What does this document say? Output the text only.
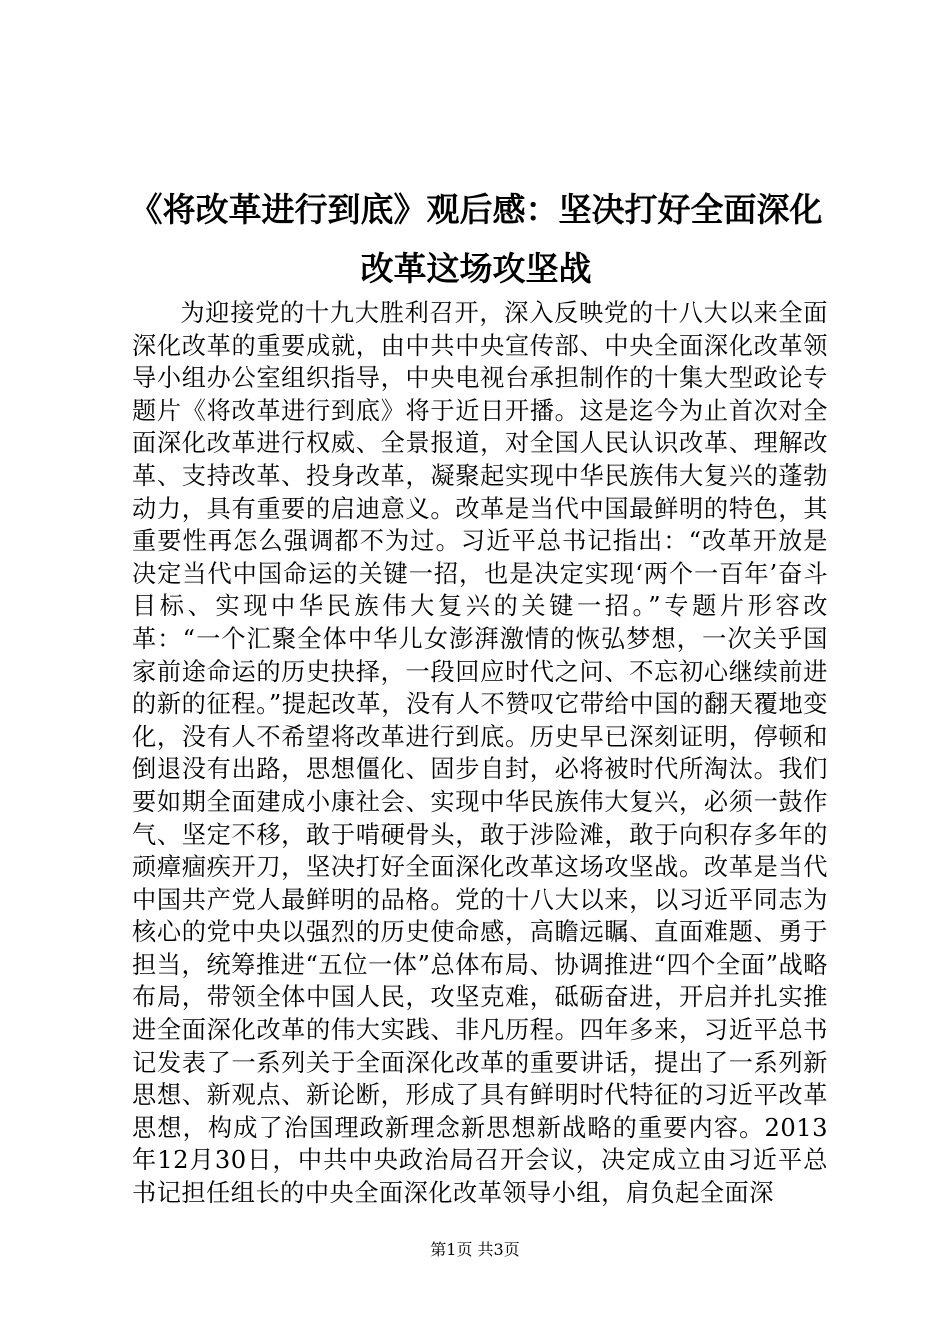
《将改革进行到底》观后感：坚决打好全面深化改革这场攻坚战

为迎接党的十九大胜利召开，深入反映党的十八大以来全面深化改革的重要成就，由中共中央宣传部、中央全面深化改革领导小组办公室组织指导，中央电视台承担制作的十集大型政论专题片《将改革进行到底》将于近日开播。这是迄今为止首次对全面深化改革进行权威、全景报道，对全国人民认识改革、理解改革、支持改革、投身改革，凝聚起实现中华民族伟大复兴的蓬勃动力，具有重要的启迪意义。改革是当代中国最鲜明的特色，其重要性再怎么强调都不为过。习近平总书记指出：“改革开放是决定当代中国命运的关键一招，也是决定实现‘两个一百年’奋斗目标、实现中华民族伟大复兴的关键一招。”专题片形容改革：“一个汇聚全体中华儿女澎湃激情的恢弘梦想，一次关乎国家前途命运的历史抉择，一段回应时代之问、不忘初心继续前进的新的征程。”提起改革，没有人不赞叹它带给中国的翻天覆地变化，没有人不希望将改革进行到底。历史早已深刻证明，停顿和倒退没有出路，思想僵化、固步自封，必将被时代所淘汰。我们要如期全面建成小康社会、实现中华民族伟大复兴，必须一鼓作气、坚定不移，敢于啃硬骨头，敢于涉险滩，敢于向积存多年的顽瘴痼疾开刀，坚决打好全面深化改革这场攻坚战。改革是当代中国共产党人最鲜明的品格。党的十八大以来，以习近平同志为核心的党中央以强烈的历史使命感，高瞻远瞩、直面难题、勇于担当，统筹推进“五位一体”总体布局、协调推进“四个全面”战略布局，带领全体中国人民，攻坚克难，砥砺奋进，开启并扎实推进全面深化改革的伟大实践、非凡历程。四年多来，习近平总书记发表了一系列关于全面深化改革的重要讲话，提出了一系列新思想、新观点、新论断，形成了具有鲜明时代特征的习近平改革思想，构成了治国理政新理念新思想新战略的重要内容。2013年12月30日，中共中央政治局召开会议，决定成立由习近平总书记担任组长的中央全面深化改革领导小组，肩负起全面深

第1页 共3页
